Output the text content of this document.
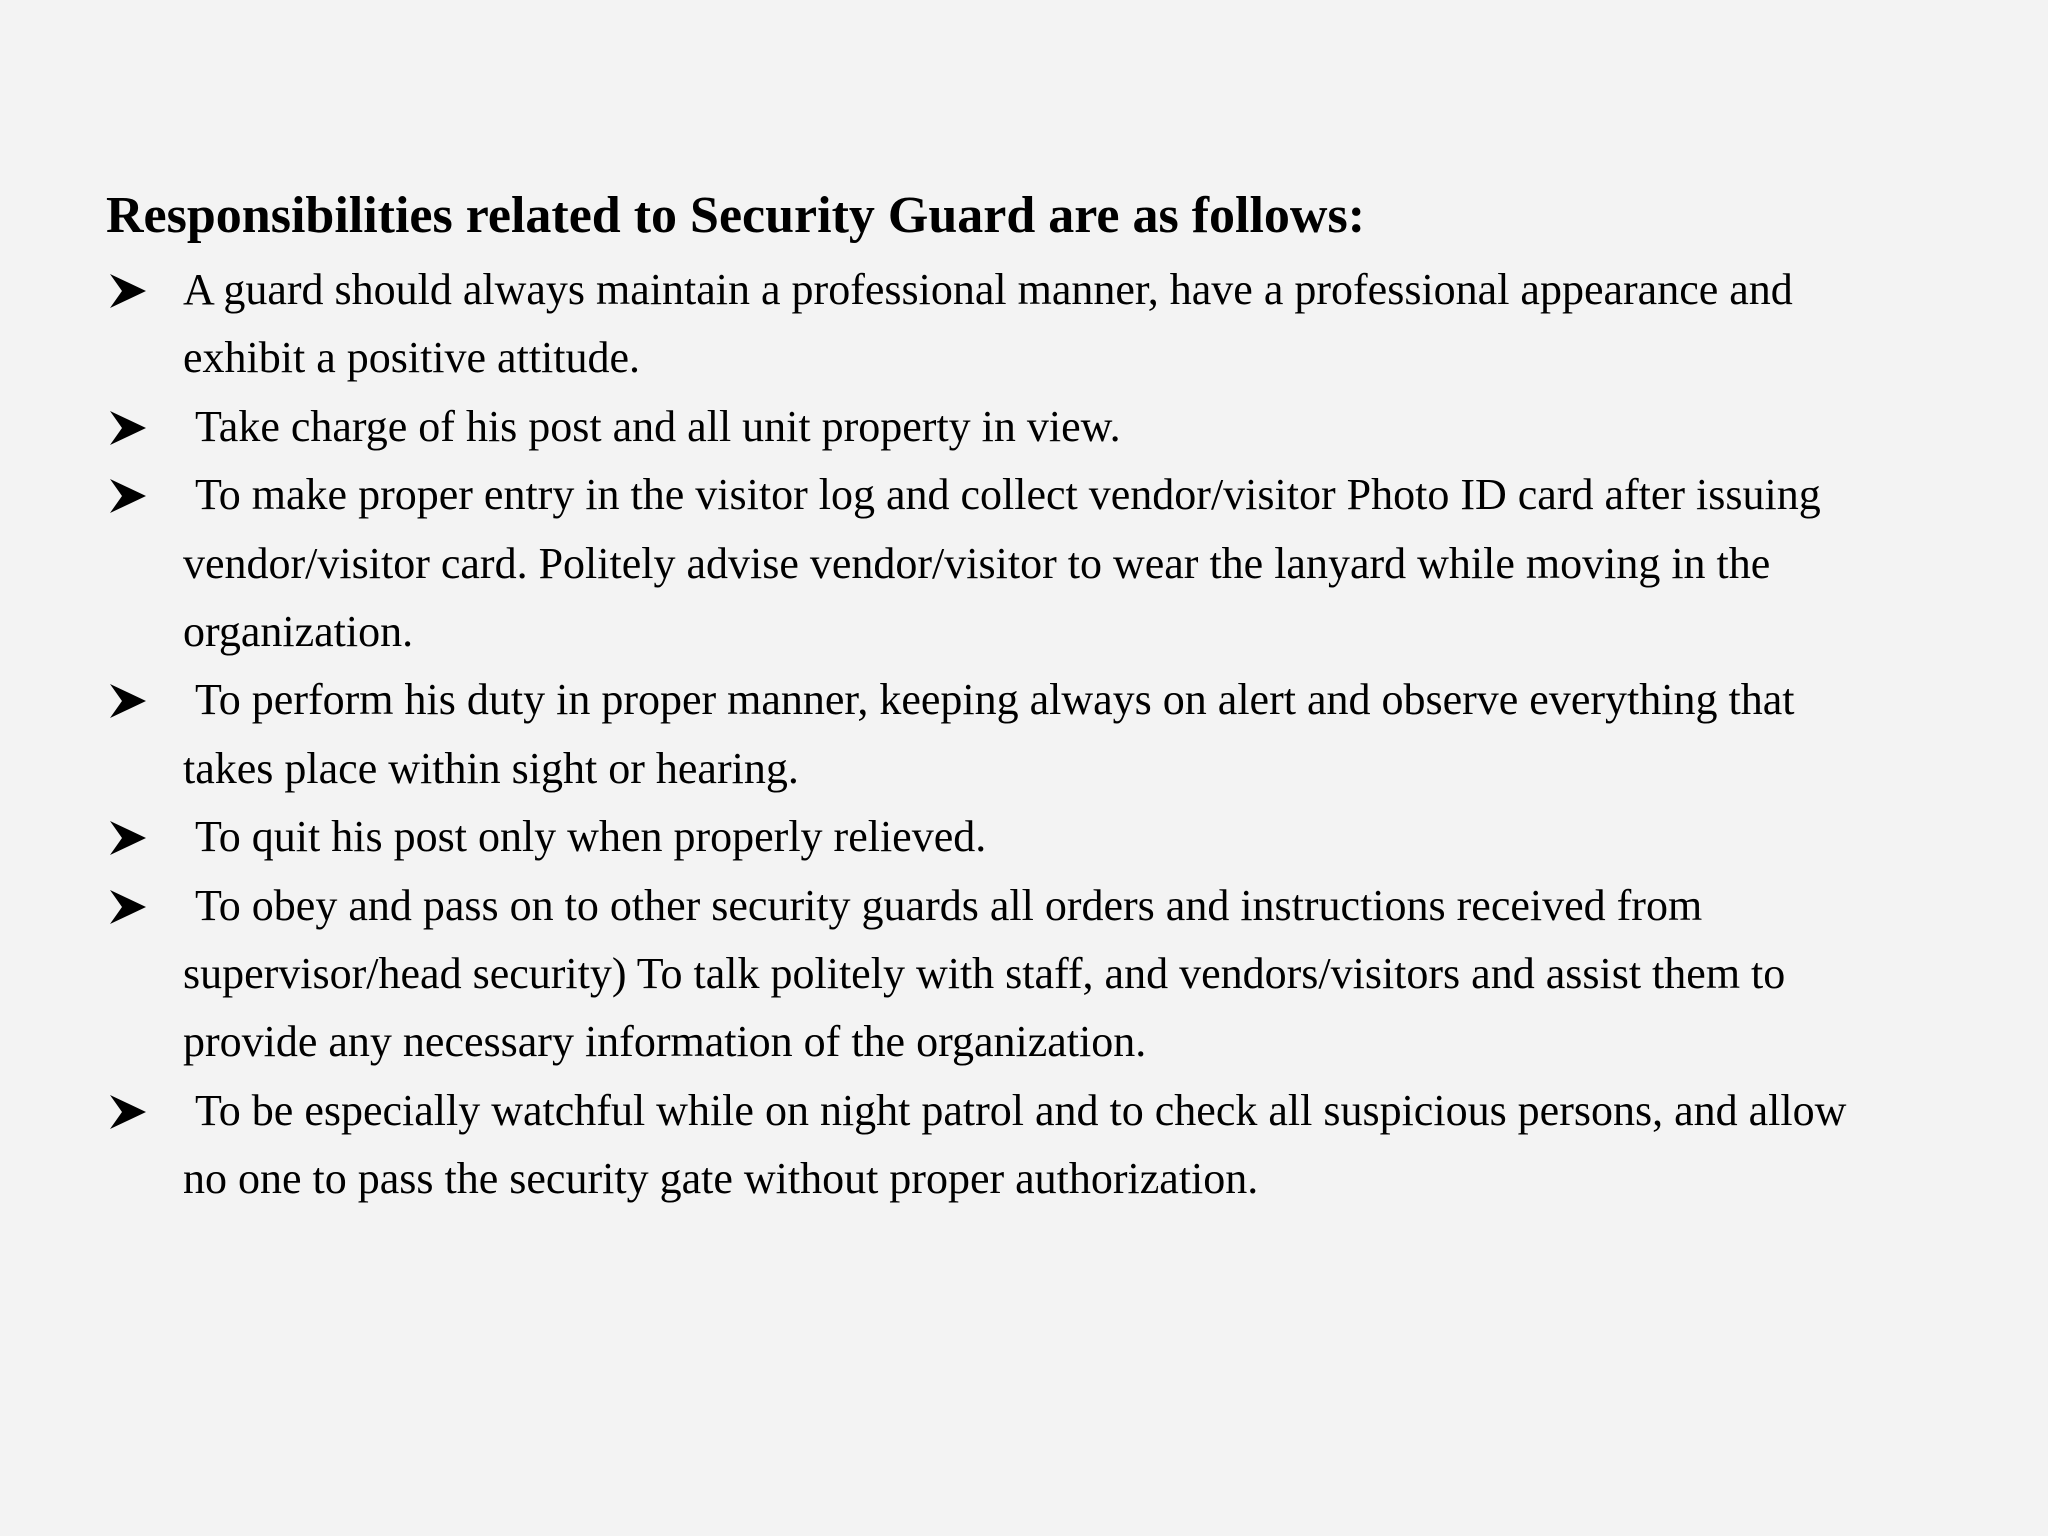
Responsibilities related to Security Guard are as follows:
A guard should always maintain a professional manner, have a professional appearance and exhibit a positive attitude.
Take charge of his post and all unit property in view.
To make proper entry in the visitor log and collect vendor/visitor Photo ID card after issuing vendor/visitor card. Politely advise vendor/visitor to wear the lanyard while moving in the organization.
To perform his duty in proper manner, keeping always on alert and observe everything that takes place within sight or hearing.
To quit his post only when properly relieved.
To obey and pass on to other security guards all orders and instructions received from supervisor/head security) To talk politely with staff, and vendors/visitors and assist them to provide any necessary information of the organization.
To be especially watchful while on night patrol and to check all suspicious persons, and allow no one to pass the security gate without proper authorization.
